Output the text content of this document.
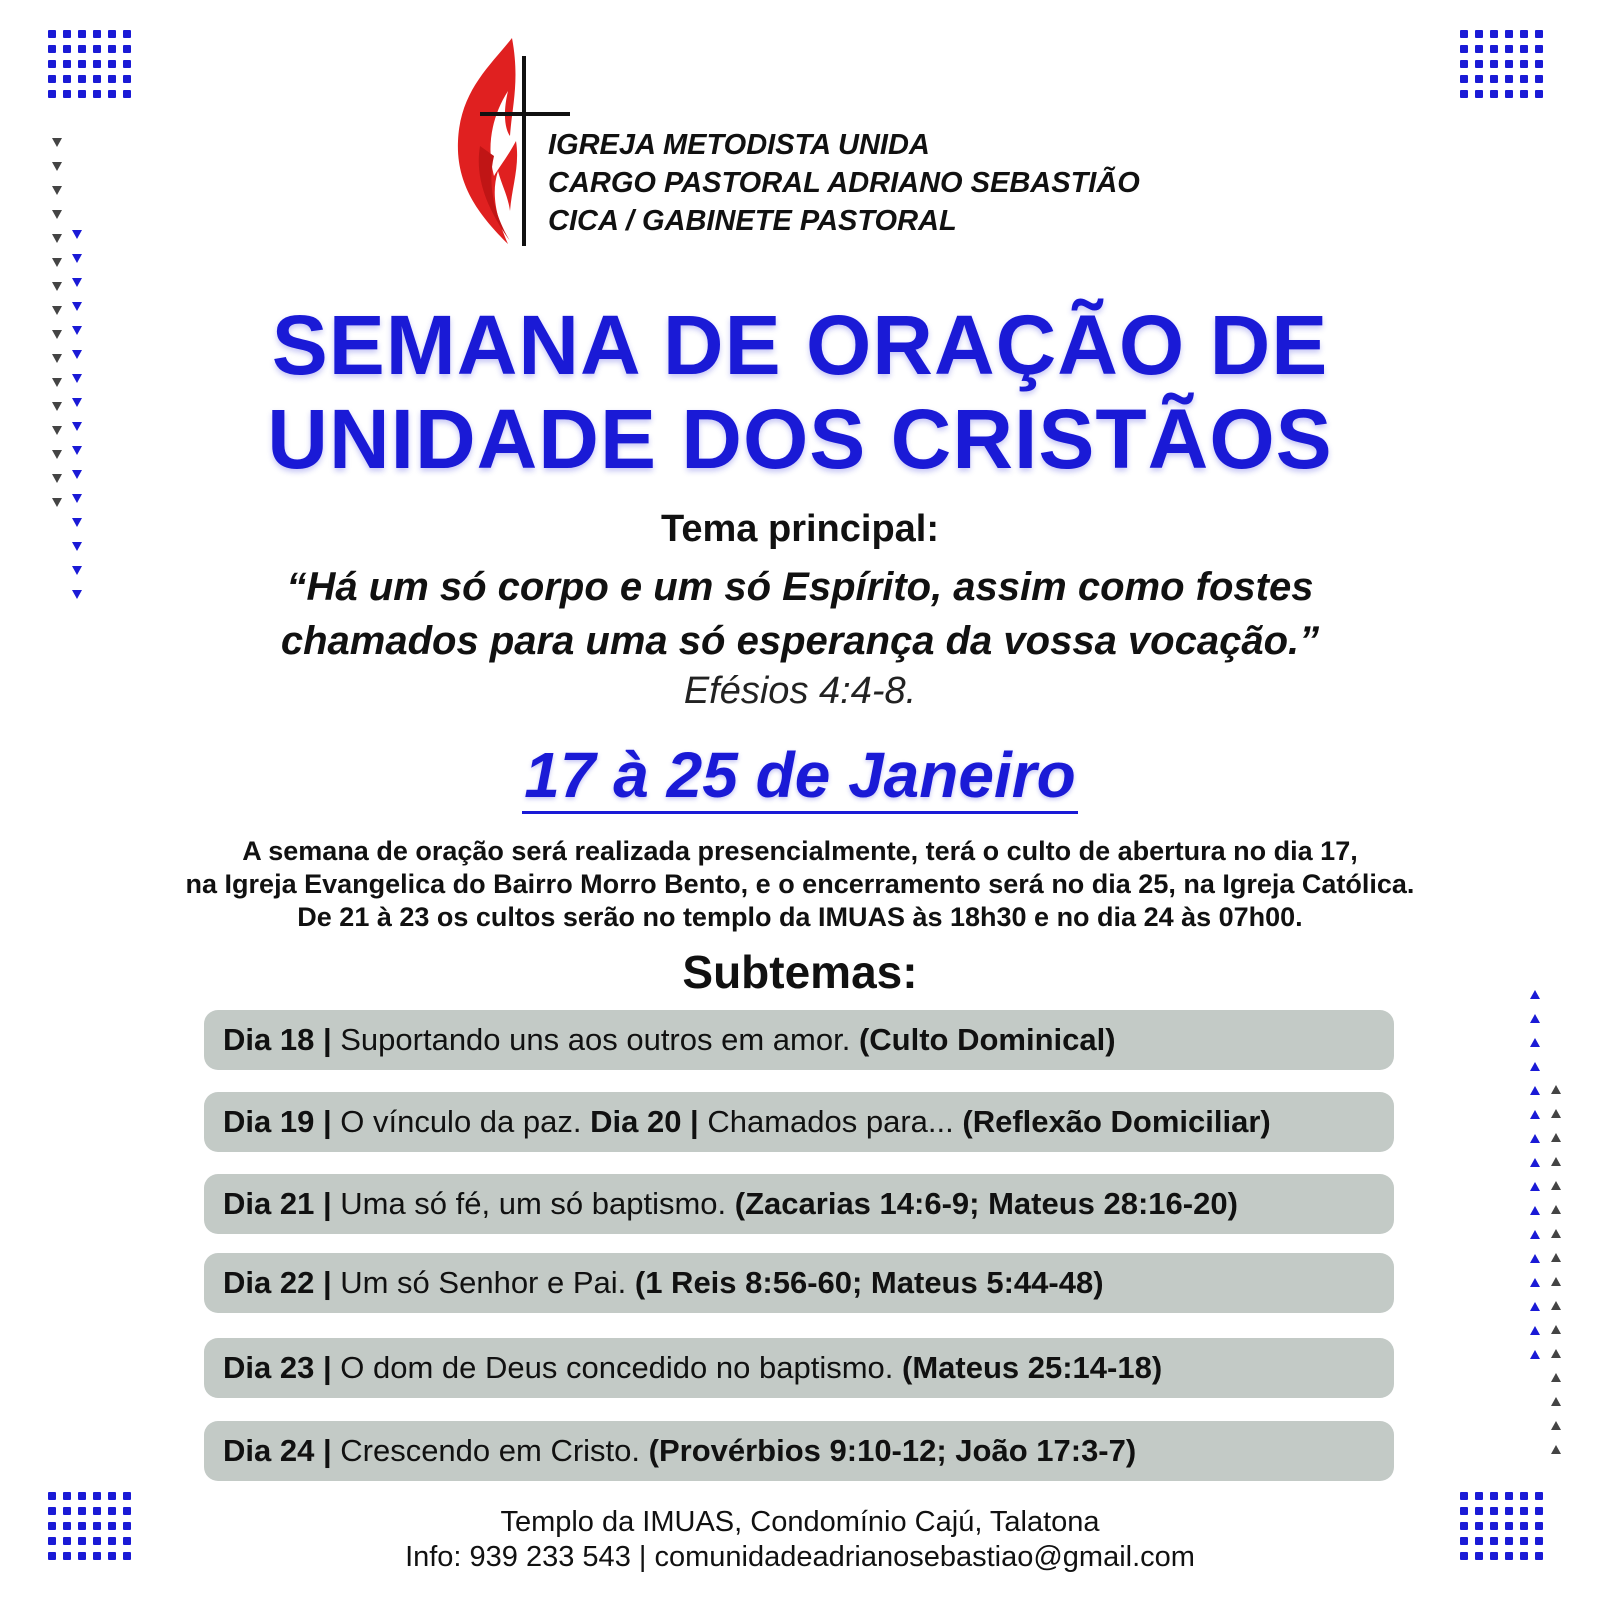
IGREJA METODISTA UNIDA
CARGO PASTORAL ADRIANO SEBASTIÃO
CICA / GABINETE PASTORAL
SEMANA DE ORAÇÃO DE
UNIDADE DOS CRISTÃOS
Tema principal:
“Há um só corpo e um só Espírito, assim como fostes
chamados para uma só esperança da vossa vocação.”
Efésios 4:4-8.
17 à 25 de Janeiro
A semana de oração será realizada presencialmente, terá o culto de abertura no dia 17,
na Igreja Evangelica do Bairro Morro Bento, e o encerramento será no dia 25, na Igreja Católica.
De 21 à 23 os cultos serão no templo da IMUAS às 18h30 e no dia 24 às 07h00.
Subtemas:
Dia 18 | Suportando uns aos outros em amor. (Culto Dominical)
Dia 19 | O vínculo da paz. Dia 20 | Chamados para... (Reflexão Domiciliar)
Dia 21 | Uma só fé, um só baptismo. (Zacarias 14:6-9; Mateus 28:16-20)
Dia 22 | Um só Senhor e Pai. (1 Reis 8:56-60; Mateus 5:44-48)
Dia 23 | O dom de Deus concedido no baptismo. (Mateus 25:14-18)
Dia 24 | Crescendo em Cristo. (Provérbios 9:10-12; João 17:3-7)
Templo da IMUAS, Condomínio Cajú, Talatona
Info: 939 233 543 | comunidadeadrianosebastiao@gmail.com
